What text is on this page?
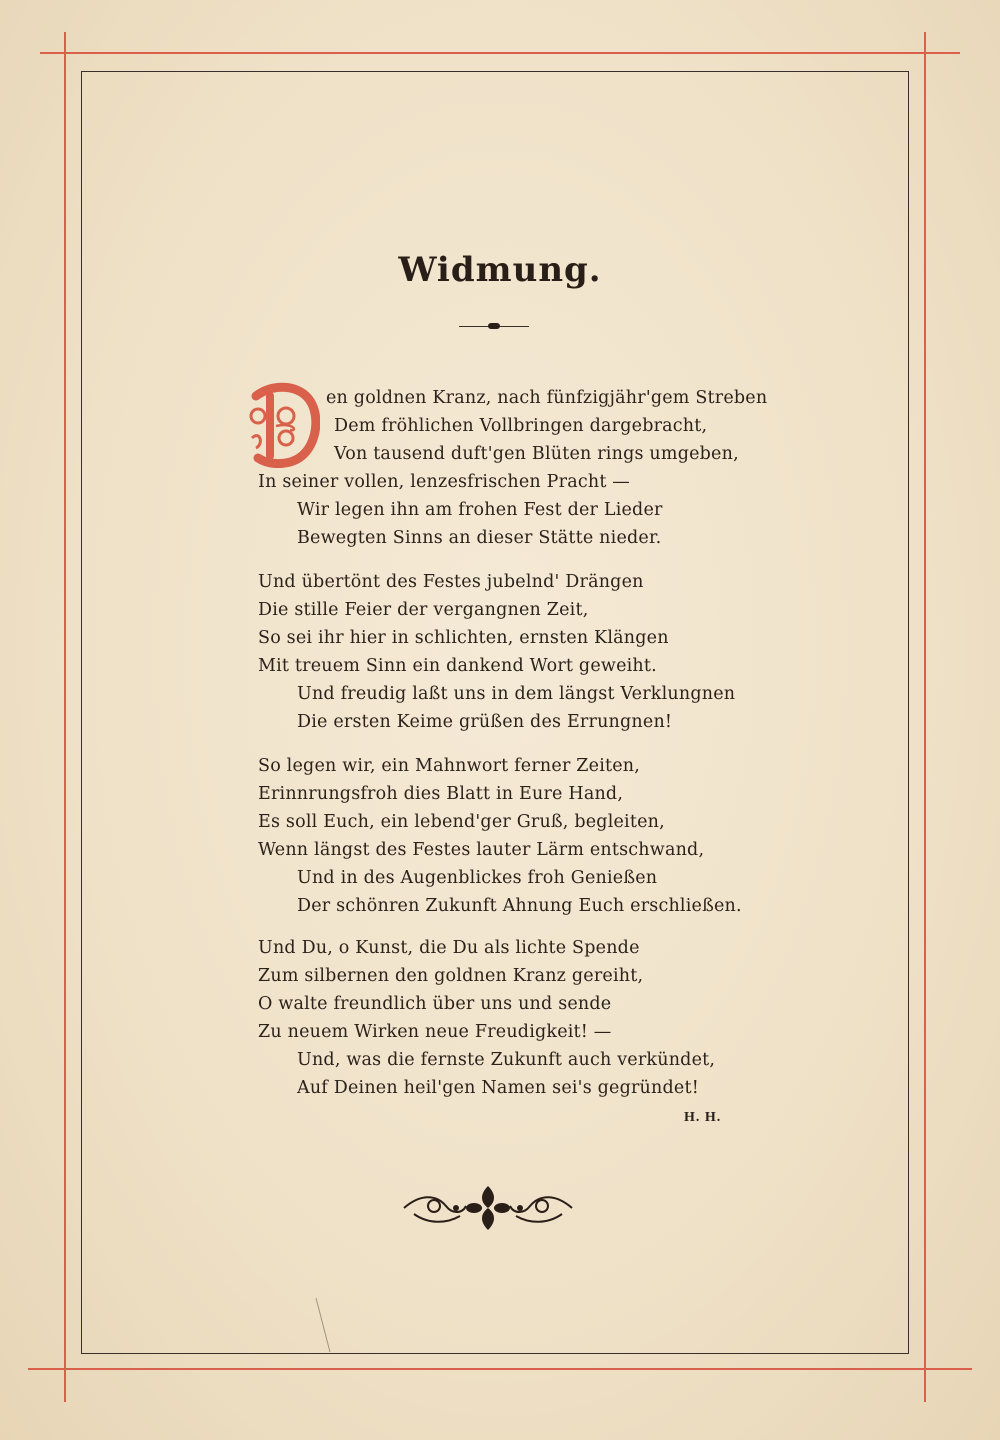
Widmung.
en goldnen Kranz, nach fünfzigjähr'gem Streben
Dem fröhlichen Vollbringen dargebracht,
Von tausend duft'gen Blüten rings umgeben,
In seiner vollen, lenzesfrischen Pracht —
Wir legen ihn am frohen Fest der Lieder
Bewegten Sinns an dieser Stätte nieder.
Und übertönt des Festes jubelnd' Drängen
Die stille Feier der vergangnen Zeit,
So sei ihr hier in schlichten, ernsten Klängen
Mit treuem Sinn ein dankend Wort geweiht.
Und freudig laßt uns in dem längst Verklungnen
Die ersten Keime grüßen des Errungnen!
So legen wir, ein Mahnwort ferner Zeiten,
Erinnrungsfroh dies Blatt in Eure Hand,
Es soll Euch, ein lebend'ger Gruß, begleiten,
Wenn längst des Festes lauter Lärm entschwand,
Und in des Augenblickes froh Genießen
Der schönren Zukunft Ahnung Euch erschließen.
Und Du, o Kunst, die Du als lichte Spende
Zum silbernen den goldnen Kranz gereiht,
O walte freundlich über uns und sende
Zu neuem Wirken neue Freudigkeit! —
Und, was die fernste Zukunft auch verkündet,
Auf Deinen heil'gen Namen sei's gegründet!
H. H.
